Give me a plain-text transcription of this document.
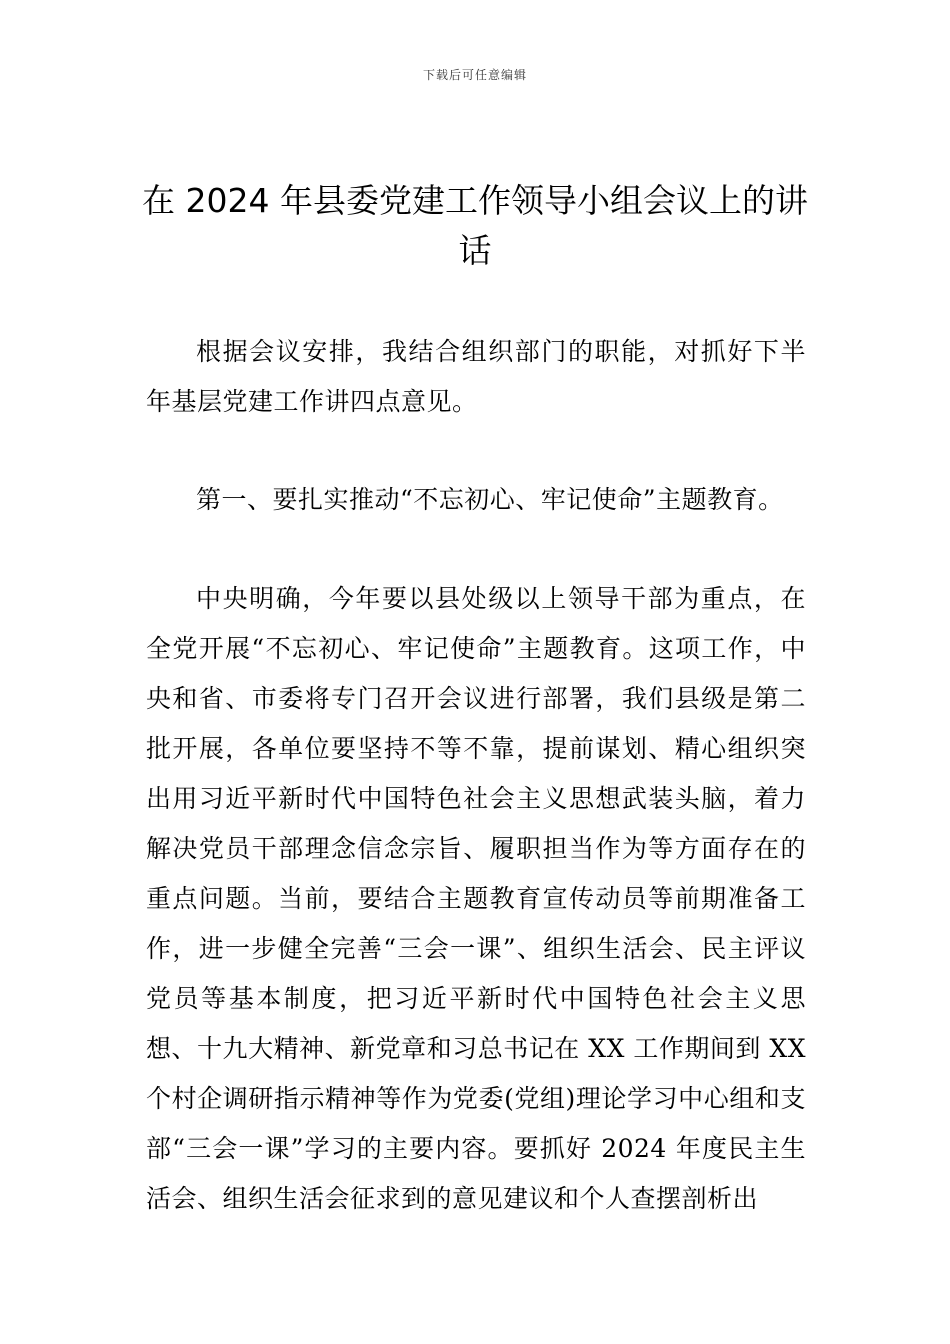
下载后可任意编辑
在 2024 年县委党建工作领导小组会议上的讲话

根据会议安排，我结合组织部门的职能，对抓好下半年基层党建工作讲四点意见。

第一、要扎实推动“不忘初心、牢记使命”主题教育。

中央明确，今年要以县处级以上领导干部为重点，在全党开展“不忘初心、牢记使命”主题教育。这项工作，中央和省、市委将专门召开会议进行部署，我们县级是第二批开展，各单位要坚持不等不靠，提前谋划、精心组织突出用习近平新时代中国特色社会主义思想武装头脑，着力解决党员干部理念信念宗旨、履职担当作为等方面存在的重点问题。当前，要结合主题教育宣传动员等前期准备工作，进一步健全完善“三会一课”、组织生活会、民主评议党员等基本制度，把习近平新时代中国特色社会主义思想、十九大精神、新党章和习总书记在 XX 工作期间到 XX 个村企调研指示精神等作为党委(党组)理论学习中心组和支部“三会一课”学习的主要内容。要抓好 2024 年度民主生活会、组织生活会征求到的意见建议和个人查摆剖析出
